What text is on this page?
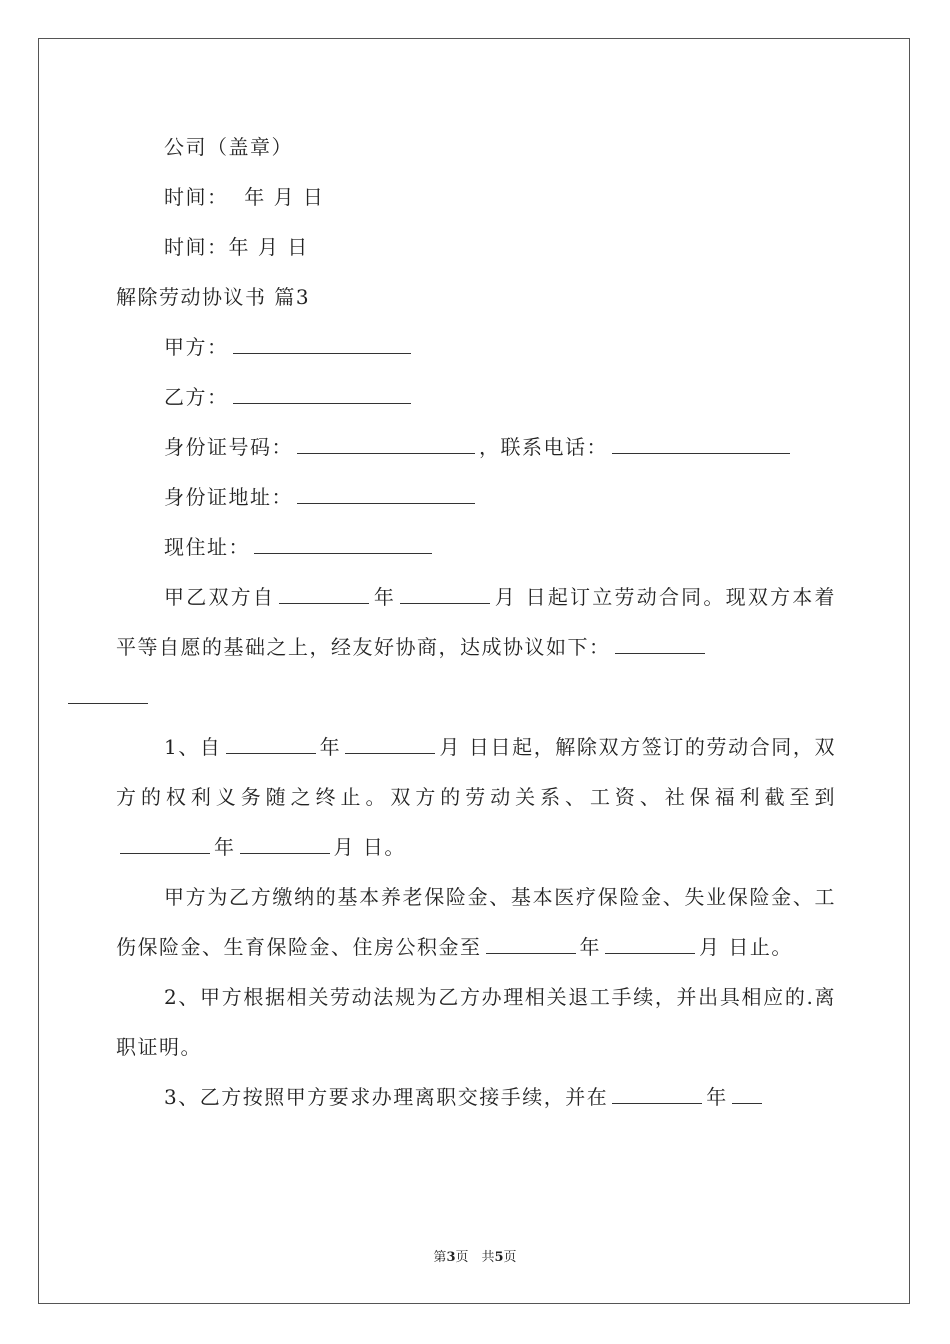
公司（盖章）

时间： 年 月 日

时间：年 月 日

解除劳动协议书 篇3

甲方：

乙方：

身份证号码：	，联系电话：

身份证地址：

现住址：

甲乙双方自	年	月 日起订立劳动合同。现双方本着平等自愿的基础之上，经友好协商，达成协议如下：

1、自	年	月 日日起，解除双方签订的劳动合同，双方的权利义务随之终止。双方的劳动关系、工资、社保福利截至到年	月 日。

甲方为乙方缴纳的基本养老保险金、基本医疗保险金、失业保险金、工伤保险金、生育保险金、住房公积金至	年	月 日止。

2、甲方根据相关劳动法规为乙方办理相关退工手续，并出具相应的.离职证明。

3、乙方按照甲方要求办理离职交接手续，并在	年

第3页　共5页
